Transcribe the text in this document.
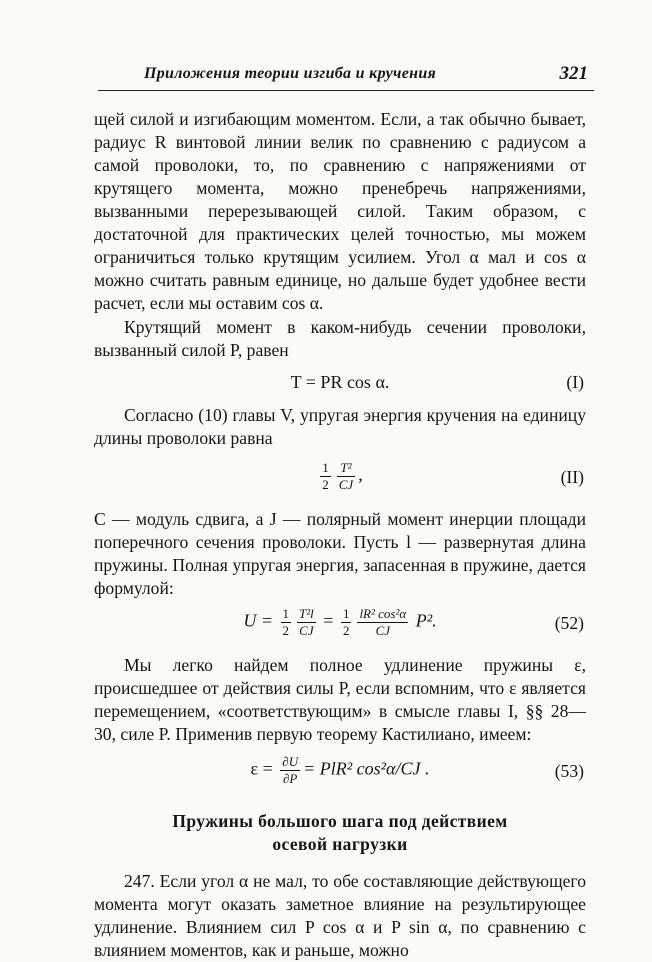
Приложения теории изгиба и кручения	321

щей силой и изгибающим моментом. Если, а так обычно бывает, радиус R винтовой линии велик по сравнению с радиусом a самой проволоки, то, по сравнению с напряжениями от крутящего момента, можно пренебречь напряжениями, вызванными перерезывающей силой. Таким образом, с достаточной для практических целей точностью, мы можем ограничиться только крутящим усилием. Угол α мал и cos α можно считать равным единице, но дальше будет удобнее вести расчет, если мы оставим cos α.

Крутящий момент в каком-нибудь сечении проволоки, вызванный силой P, равен

T = PR cos α.	(I)

Согласно (10) главы V, упругая энергия кручения на единицу длины проволоки равна

$\frac{1}{2} \frac{\text{T²}}{CJ}$ ,	(II)

C — модуль сдвига, а J — полярный момент инерции площади поперечного сечения проволоки. Пусть l — развернутая длина пружины. Полная упругая энергия, запасенная в пружине, дается формулой:

$U = \frac{1}{2} \frac{\text{T²l}}{CJ} = \frac{1}{2} \frac{\text{lR² cos²α}}{CJ} P^2$.	(52)

Мы легко найдем полное удлинение пружины ε, происшедшее от действия силы P, если вспомним, что ε является перемещением, «соответствующим» в смысле главы I, §§ 28—30, силе P. Применив первую теорему Кастилиано, имеем:

$\varepsilon = \frac{\partial U}{\partial P} = PlR^2$ cos²α/CJ .	(53)

Пружины большого шага под действием

осевой нагрузки

247. Если угол α не мал, то обе составляющие действующего момента могут оказать заметное влияние на результирующее удлинение. Влиянием сил P cos α и P sin α, по сравнению с влиянием моментов, как и раньше, можно
